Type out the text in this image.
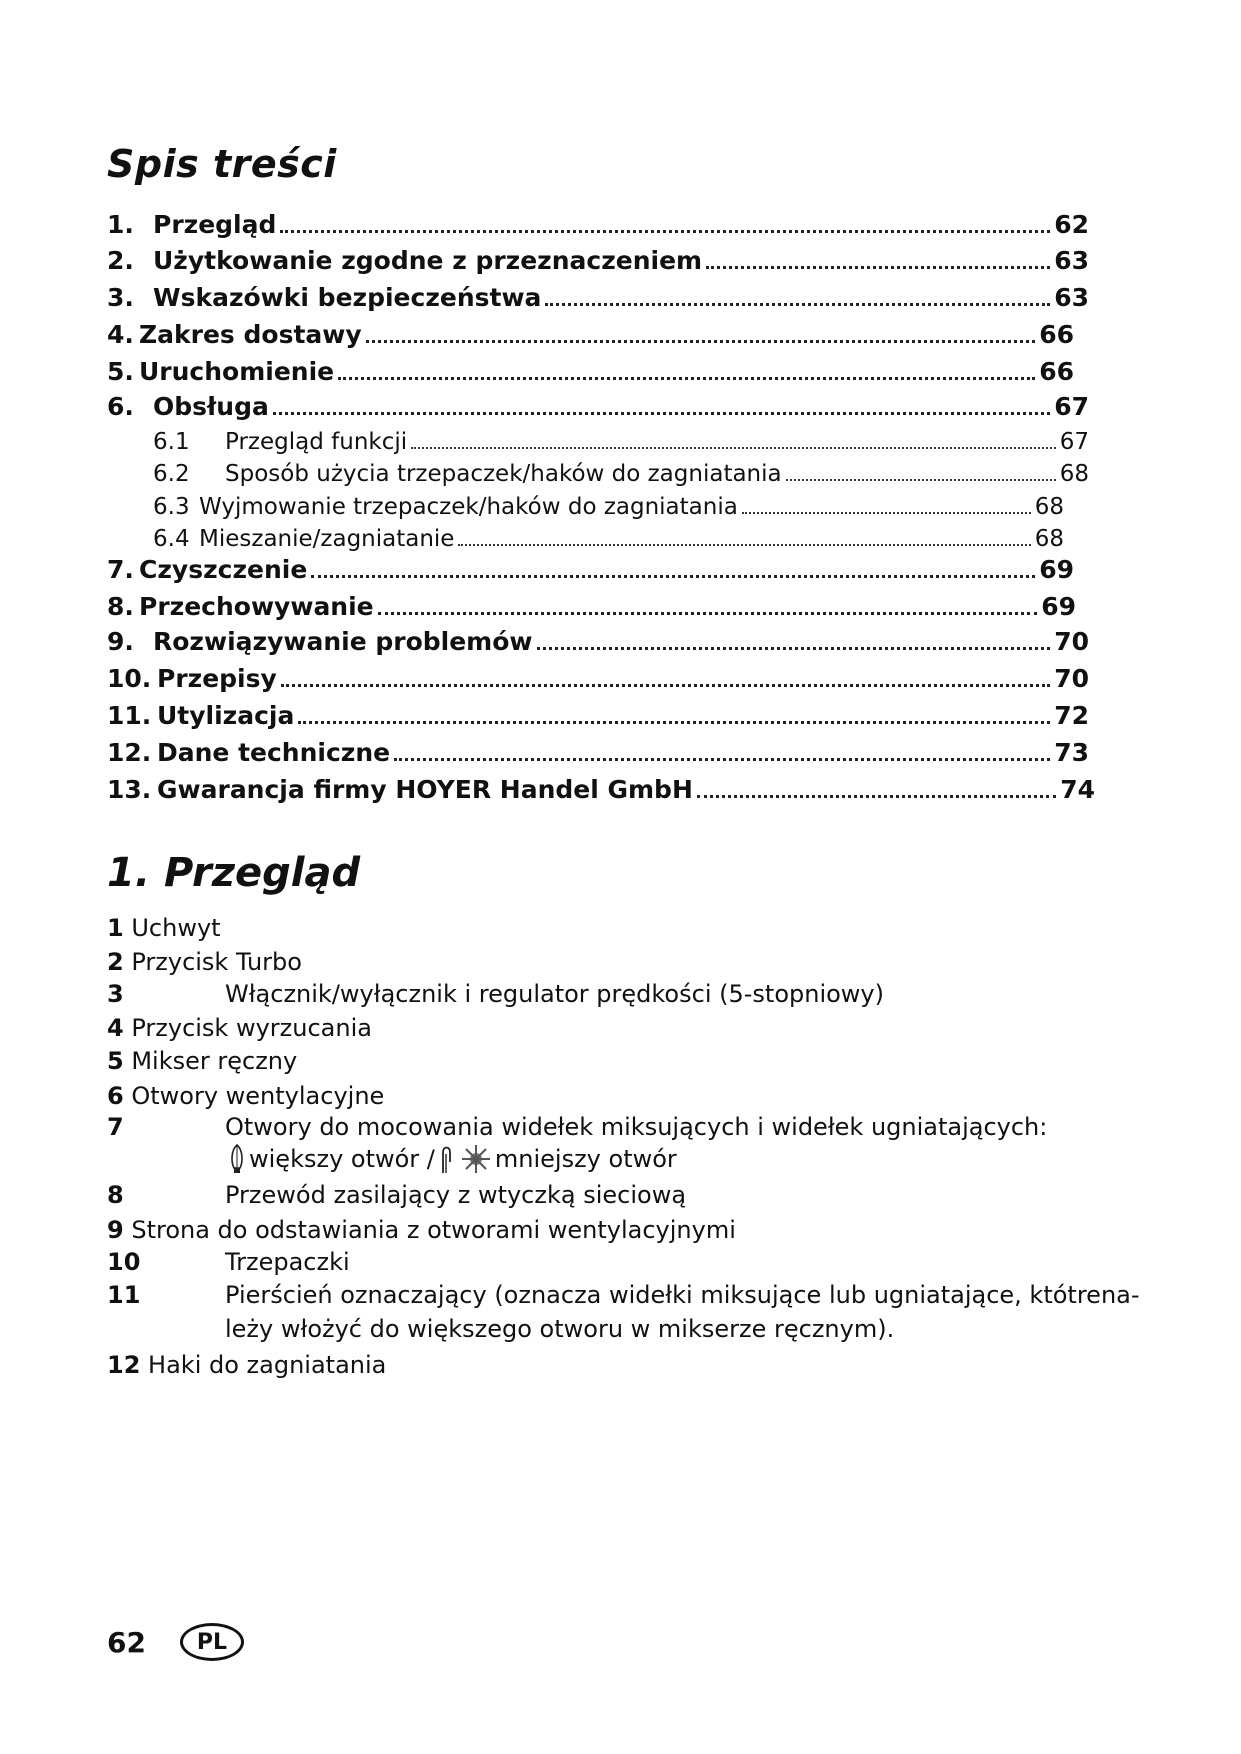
Spis treści
1. Przegląd	62
2. Użytkowanie zgodne z przeznaczeniem	63
3. Wskazówki bezpieczeństwa	63
4. Zakres dostawy	66
5. Uruchomienie	66
6. Obsługa	67
6.1	Przegląd funkcji	67
6.2	Sposób użycia trzepaczek/haków do zagniatania	68
6.3 Wyjmowanie trzepaczek/haków do zagniatania	68
6.4 Mieszanie/zagniatanie	68
7. Czyszczenie	69
8. Przechowywanie	69
9. Rozwiązywanie problemów	70
10. Przepisy	70
11. Utylizacja	72
12. Dane techniczne	73
13. Gwarancja firmy HOYER Handel GmbH	74
1. Przegląd
1 Uchwyt
2 Przycisk Turbo
3	Włącznik/wyłącznik i regulator prędkości (5-stopniowy)
4 Przycisk wyrzucania
5 Mikser ręczny
6 Otwory wentylacyjne
7	Otwory do mocowania widełek miksujących i widełek ugniatających:
większy otwór /	mniejszy otwór
8	Przewód zasilający z wtyczką sieciową
9 Strona do odstawiania z otworami wentylacyjnymi
10	Trzepaczki
11	Pierścień oznaczający (oznacza widełki miksujące lub ugniatające, któtrena-
leży włożyć do większego otworu w mikserze ręcznym).
12 Haki do zagniatania
62	PL
